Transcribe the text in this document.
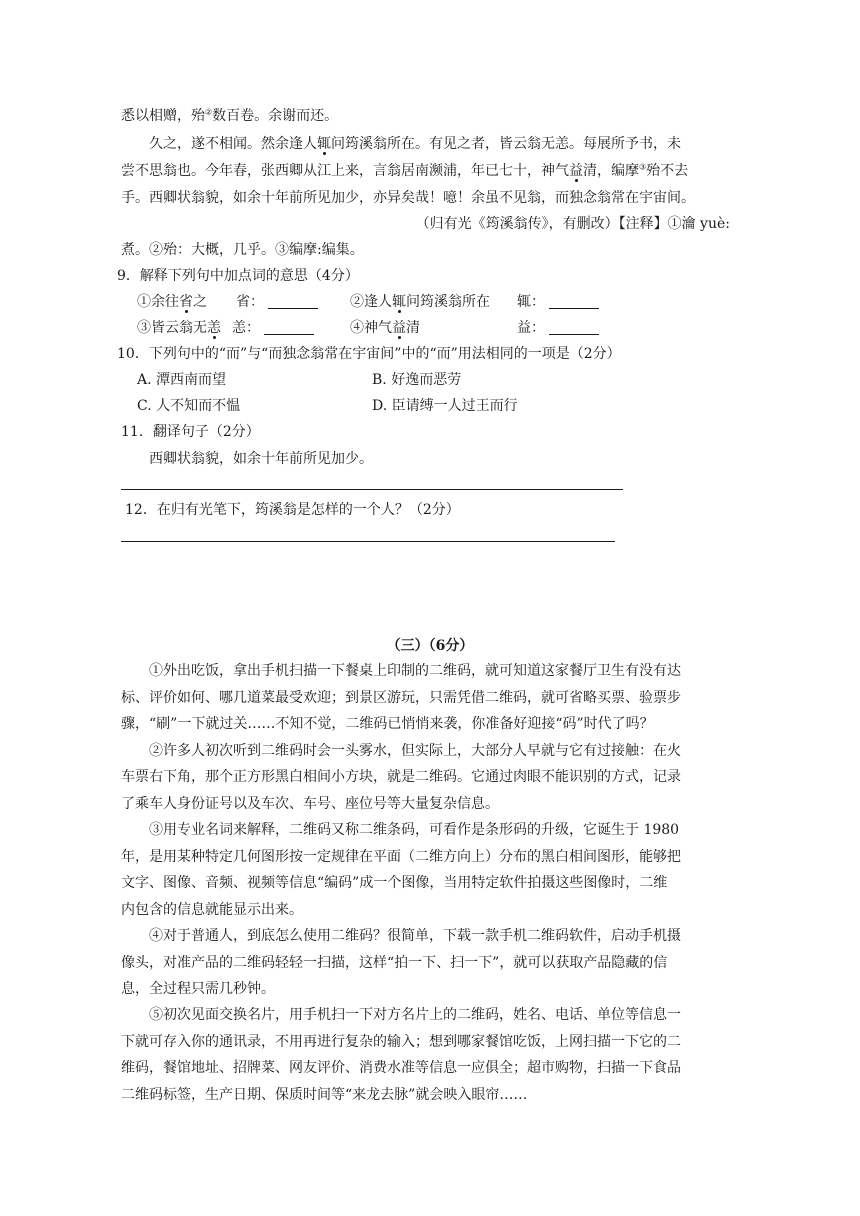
悉以相赠，殆②数百卷。余谢而还。
久之，遂不相闻。然余逢人辄问筠溪翁所在。有见之者，皆云翁无恙。每展所予书，未
尝不思翁也。今年春，张西卿从江上来，言翁居南濒浦，年已七十，神气益清，编摩③殆不去
手。西卿状翁貌，如余十年前所见加少，亦异矣哉！噫！余虽不见翁，而独念翁常在宇宙间。
（归有光《筠溪翁传》，有删改）【注释】①瀹 yuè:
煮。②殆：大概，几乎。③编摩:编集。
9．解释下列句中加点词的意思（4分）
①余往省之 省：	②逢人辄问筠溪翁所在 辄：
③皆云翁无恙 恙：	④神气益清	益：
10．下列句中的“而”与“而独念翁常在宇宙间”中的“而”用法相同的一项是（2分）
A. 潭西南而望	B. 好逸而恶劳
C. 人不知而不愠	D. 臣请缚一人过王而行
11．翻译句子（2分）
西卿状翁貌，如余十年前所见加少。
12．在归有光笔下，筠溪翁是怎样的一个人？（2分）
（三）（6分）
①外出吃饭，拿出手机扫描一下餐桌上印制的二维码，就可知道这家餐厅卫生有没有达
标、评价如何、哪几道菜最受欢迎；到景区游玩，只需凭借二维码，就可省略买票、验票步
骤，“刷”一下就过关……不知不觉，二维码已悄悄来袭，你准备好迎接“码”时代了吗？
②许多人初次听到二维码时会一头雾水，但实际上，大部分人早就与它有过接触：在火
车票右下角，那个正方形黑白相间小方块，就是二维码。它通过肉眼不能识别的方式，记录
了乘车人身份证号以及车次、车号、座位号等大量复杂信息。
③用专业名词来解释，二维码又称二维条码，可看作是条形码的升级，它诞生于 1980
年，是用某种特定几何图形按一定规律在平面（二维方向上）分布的黑白相间图形，能够把
文字、图像、音频、视频等信息“编码”成一个图像，当用特定软件拍摄这些图像时，二维
内包含的信息就能显示出来。
④对于普通人，到底怎么使用二维码？很简单，下载一款手机二维码软件，启动手机摄
像头，对准产品的二维码轻轻一扫描，这样“拍一下、扫一下”，就可以获取产品隐藏的信
息，全过程只需几秒钟。
⑤初次见面交换名片，用手机扫一下对方名片上的二维码，姓名、电话、单位等信息一
下就可存入你的通讯录，不用再进行复杂的输入；想到哪家餐馆吃饭，上网扫描一下它的二
维码，餐馆地址、招牌菜、网友评价、消费水准等信息一应俱全；超市购物，扫描一下食品
二维码标签，生产日期、保质时间等“来龙去脉”就会映入眼帘……
